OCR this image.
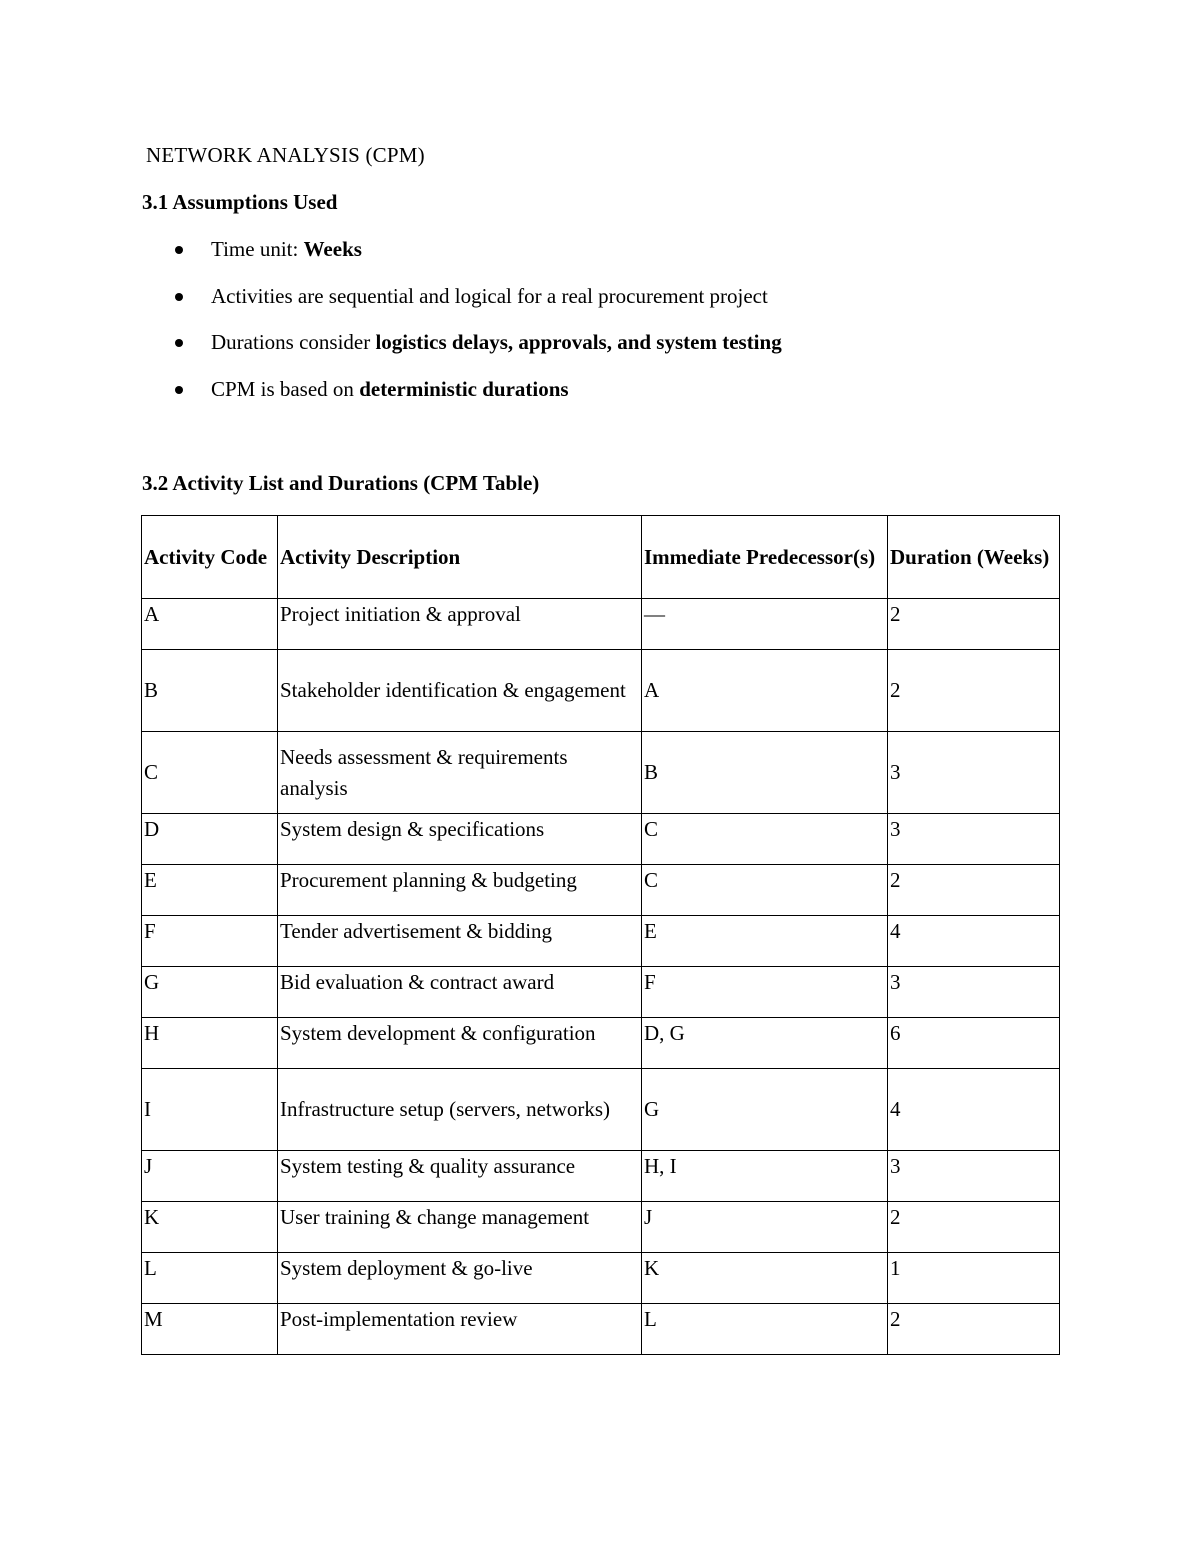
NETWORK ANALYSIS (CPM)

3.1 Assumptions Used

Time unit: Weeks
Activities are sequential and logical for a real procurement project
Durations consider logistics delays, approvals, and system testing
CPM is based on deterministic durations

3.2 Activity List and Durations (CPM Table)

Activity Code	Activity Description	Immediate Predecessor(s)	Duration (Weeks)
A	Project initiation & approval	—	2
B	Stakeholder identification & engagement	A	2
C	Needs assessment & requirements analysis	B	3
D	System design & specifications	C	3
E	Procurement planning & budgeting	C	2
F	Tender advertisement & bidding	E	4
G	Bid evaluation & contract award	F	3
H	System development & configuration	D, G	6
I	Infrastructure setup (servers, networks)	G	4
J	System testing & quality assurance	H, I	3
K	User training & change management	J	2
L	System deployment & go-live	K	1
M	Post-implementation review	L	2
